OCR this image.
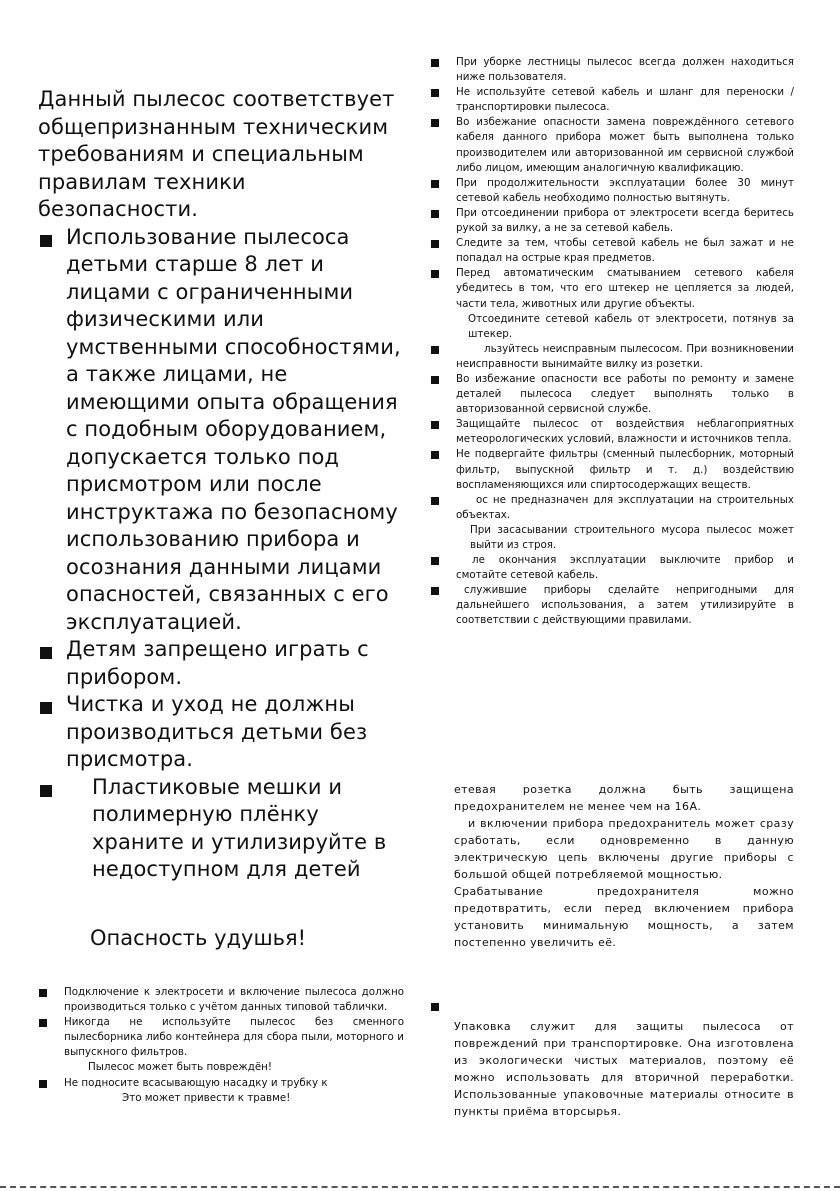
Данный пылесос соответствует общепризнанным техническим требованиям и специальным правилам техники безопасности.

Использование пылесоса детьми старше 8 лет и лицами с ограниченными физическими или умственными способностями, а также лицами, не имеющими опыта обращения с подобным оборудованием, допускается только под присмотром или после инструктажа по безопасному использованию прибора и осознания данными лицами опасностей, связанных с его эксплуатацией.
Детям запрещено играть с прибором.
Чистка и уход не должны производиться детьми без присмотра.
Пластиковые мешки и полимерную плёнку храните и утилизируйте в недоступном для детей

Опасность удушья!

Подключение к электросети и включение пылесоса должно производиться только с учётом данных типовой таблички.
Никогда не используйте пылесос без сменного пылесборника либо контейнера для сбора пыли, моторного и выпускного фильтров.
Пылесос может быть повреждён!
Не подносите всасывающую насадку и трубку к
Это может привести к травме!
При уборке лестницы пылесос всегда должен находиться ниже пользователя.
Не используйте сетевой кабель и шланг для переноски /транспортировки пылесоса.
Во избежание опасности замена повреждённого сетевого кабеля данного прибора может быть выполнена только производителем или авторизованной им сервисной службой либо лицом, имеющим аналогичную квалификацию.
При продолжительности эксплуатации более 30 минут сетевой кабель необходимо полностью вытянуть.
При отсоединении прибора от электросети всегда беритесь рукой за вилку, а не за сетевой кабель.
Следите за тем, чтобы сетевой кабель не был зажат и не попадал на острые края предметов.
Перед автоматическим сматыванием сетевого кабеля убедитесь в том, что его штекер не цепляется за людей, части тела, животных или другие объекты.
Отсоедините сетевой кабель от электросети, потянув за штекер.
льзуйтесь неисправным пылесосом. При возникновении неисправности вынимайте вилку из розетки.
Во избежание опасности все работы по ремонту и замене деталей пылесоса следует выполнять только в авторизованной сервисной службе.
Защищайте пылесос от воздействия неблагоприятных метеорологических условий, влажности и источников тепла.
Не подвергайте фильтры (сменный пылесборник, моторный фильтр, выпускной фильтр и т. д.) воздействию воспламеняющихся или спиртосодержащих веществ.
ос не предназначен для эксплуатации на строительных объектах.
При засасывании строительного мусора пылесос может выйти из строя.
ле окончания эксплуатации выключите прибор и смотайте сетевой кабель.
служившие приборы сделайте непригодными для дальнейшего использования, а затем утилизируйте в соответствии с действующими правилами.

етевая розетка должна быть защищена предохранителем не менее чем на 16А.

и включении прибора предохранитель может сразу сработать, если одновременно в данную электрическую цепь включены другие приборы с большой общей потребляемой мощностью.

Срабатывание предохранителя можно предотвратить, если перед включением прибора установить минимальную мощность, а затем постепенно увеличить её.

Упаковка служит для защиты пылесоса от повреждений при транспортировке. Она изготовлена из экологически чистых материалов, поэтому её можно использовать для вторичной переработки. Использованные упаковочные материалы относите в пункты приёма вторсырья.
